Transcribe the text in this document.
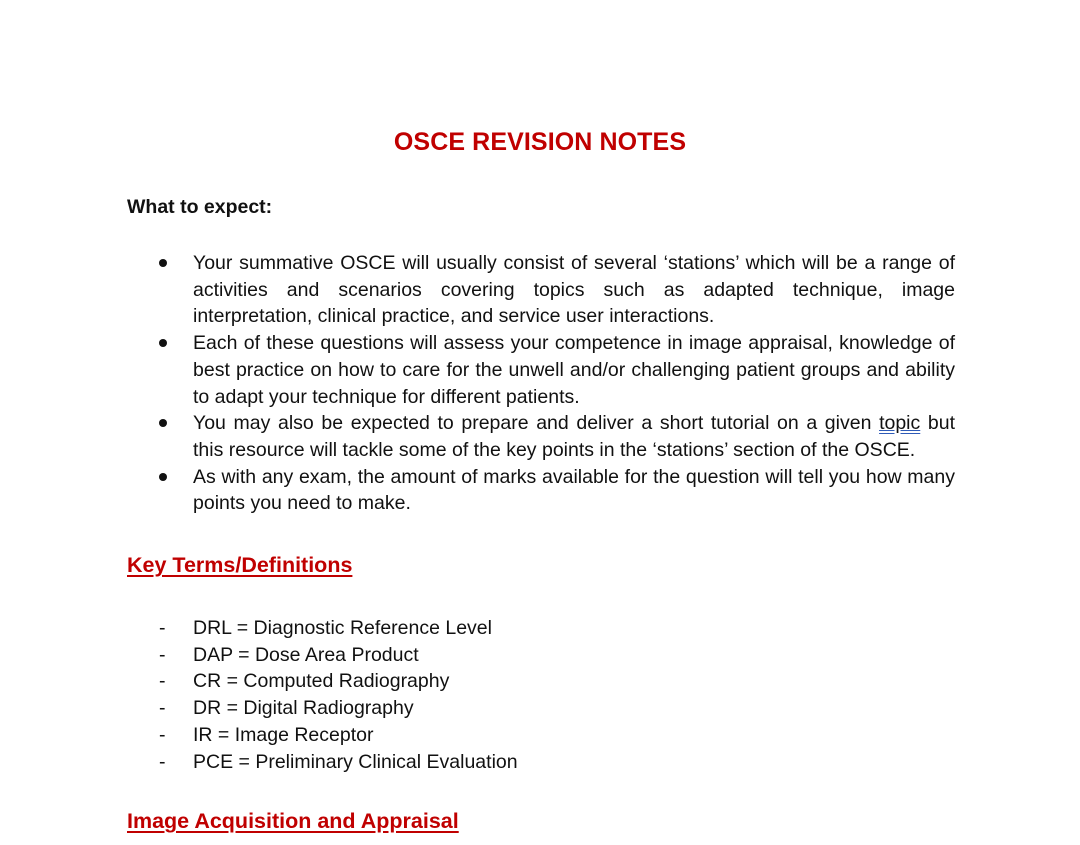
OSCE REVISION NOTES
What to expect:
Your summative OSCE will usually consist of several ‘stations’ which will be a range of activities and scenarios covering topics such as adapted technique, image interpretation, clinical practice, and service user interactions.
Each of these questions will assess your competence in image appraisal, knowledge of best practice on how to care for the unwell and/or challenging patient groups and ability to adapt your technique for different patients.
You may also be expected to prepare and deliver a short tutorial on a given topic but this resource will tackle some of the key points in the ‘stations’ section of the OSCE.
As with any exam, the amount of marks available for the question will tell you how many points you need to make.
Key Terms/Definitions
- DRL = Diagnostic Reference Level
- DAP = Dose Area Product
- CR = Computed Radiography
- DR = Digital Radiography
- IR = Image Receptor
- PCE = Preliminary Clinical Evaluation
Image Acquisition and Appraisal
